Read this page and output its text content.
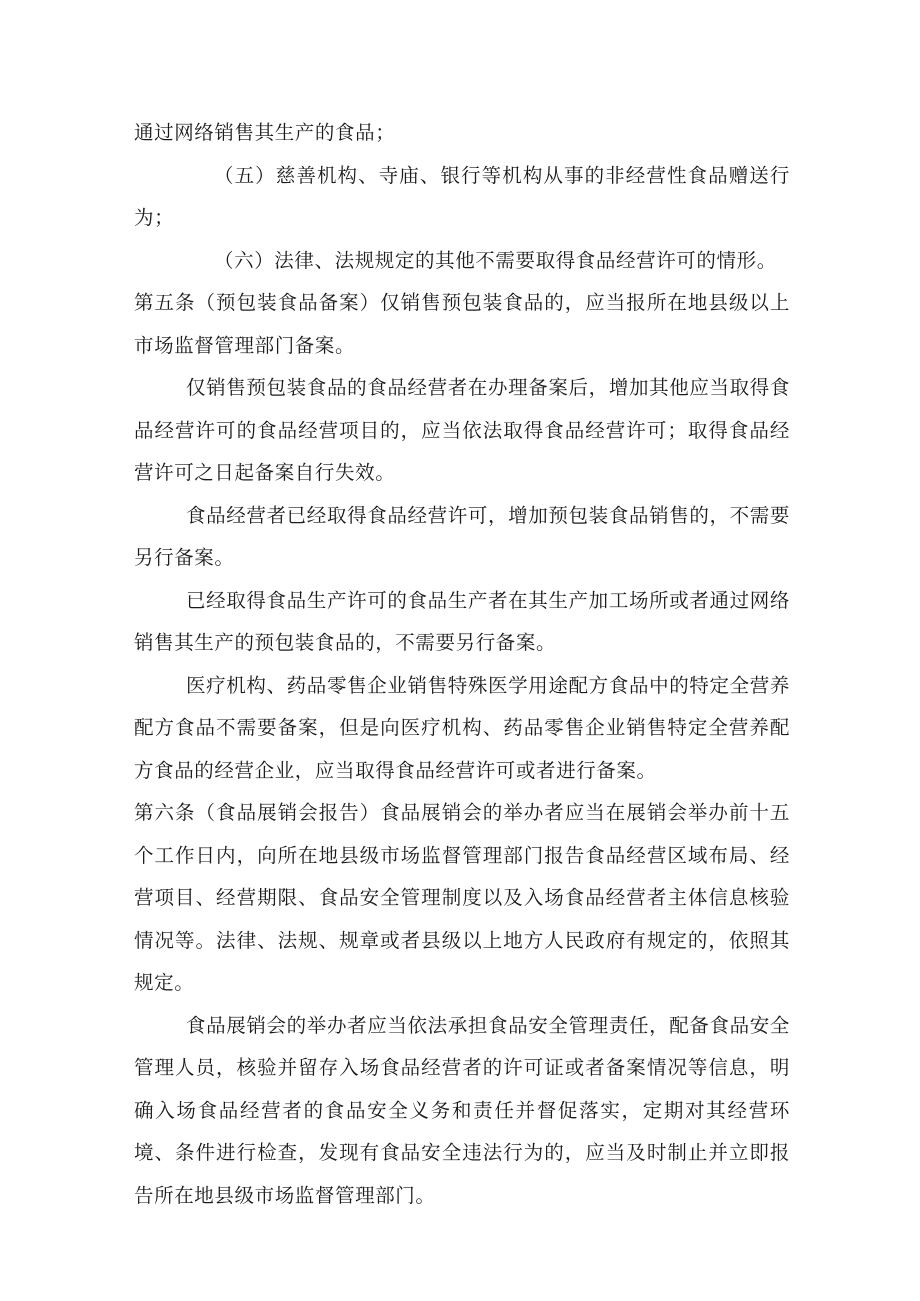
通过网络销售其生产的食品；

（五）慈善机构、寺庙、银行等机构从事的非经营性食品赠送行为；

（六）法律、法规规定的其他不需要取得食品经营许可的情形。

第五条（预包装食品备案）仅销售预包装食品的，应当报所在地县级以上市场监督管理部门备案。

仅销售预包装食品的食品经营者在办理备案后，增加其他应当取得食品经营许可的食品经营项目的，应当依法取得食品经营许可；取得食品经营许可之日起备案自行失效。

食品经营者已经取得食品经营许可，增加预包装食品销售的，不需要另行备案。

已经取得食品生产许可的食品生产者在其生产加工场所或者通过网络销售其生产的预包装食品的，不需要另行备案。

医疗机构、药品零售企业销售特殊医学用途配方食品中的特定全营养配方食品不需要备案，但是向医疗机构、药品零售企业销售特定全营养配方食品的经营企业，应当取得食品经营许可或者进行备案。

第六条（食品展销会报告）食品展销会的举办者应当在展销会举办前十五个工作日内，向所在地县级市场监督管理部门报告食品经营区域布局、经营项目、经营期限、食品安全管理制度以及入场食品经营者主体信息核验情况等。法律、法规、规章或者县级以上地方人民政府有规定的，依照其规定。

食品展销会的举办者应当依法承担食品安全管理责任，配备食品安全管理人员，核验并留存入场食品经营者的许可证或者备案情况等信息，明确入场食品经营者的食品安全义务和责任并督促落实，定期对其经营环境、条件进行检查，发现有食品安全违法行为的，应当及时制止并立即报告所在地县级市场监督管理部门。
